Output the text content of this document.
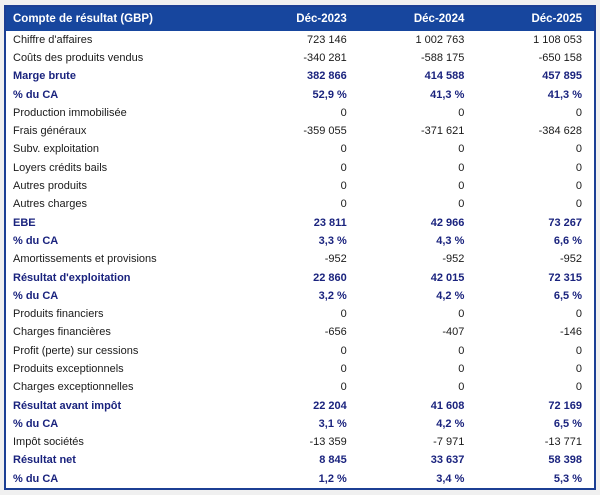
Compte de résultat (GBP)	Déc-2023	Déc-2024	Déc-2025
Chiffre d'affaires	723 146	1 002 763	1 108 053
Coûts des produits vendus	-340 281	-588 175	-650 158
Marge brute	382 866	414 588	457 895
% du CA	52,9 %	41,3 %	41,3 %
Production immobilisée	0	0	0
Frais généraux	-359 055	-371 621	-384 628
Subv. exploitation	0	0	0
Loyers crédits bails	0	0	0
Autres produits	0	0	0
Autres charges	0	0	0
EBE	23 811	42 966	73 267
% du CA	3,3 %	4,3 %	6,6 %
Amortissements et provisions	-952	-952	-952
Résultat d'exploitation	22 860	42 015	72 315
% du CA	3,2 %	4,2 %	6,5 %
Produits financiers	0	0	0
Charges financières	-656	-407	-146
Profit (perte) sur cessions	0	0	0
Produits exceptionnels	0	0	0
Charges exceptionnelles	0	0	0
Résultat avant impôt	22 204	41 608	72 169
% du CA	3,1 %	4,2 %	6,5 %
Impôt sociétés	-13 359	-7 971	-13 771
Résultat net	8 845	33 637	58 398
% du CA	1,2 %	3,4 %	5,3 %
